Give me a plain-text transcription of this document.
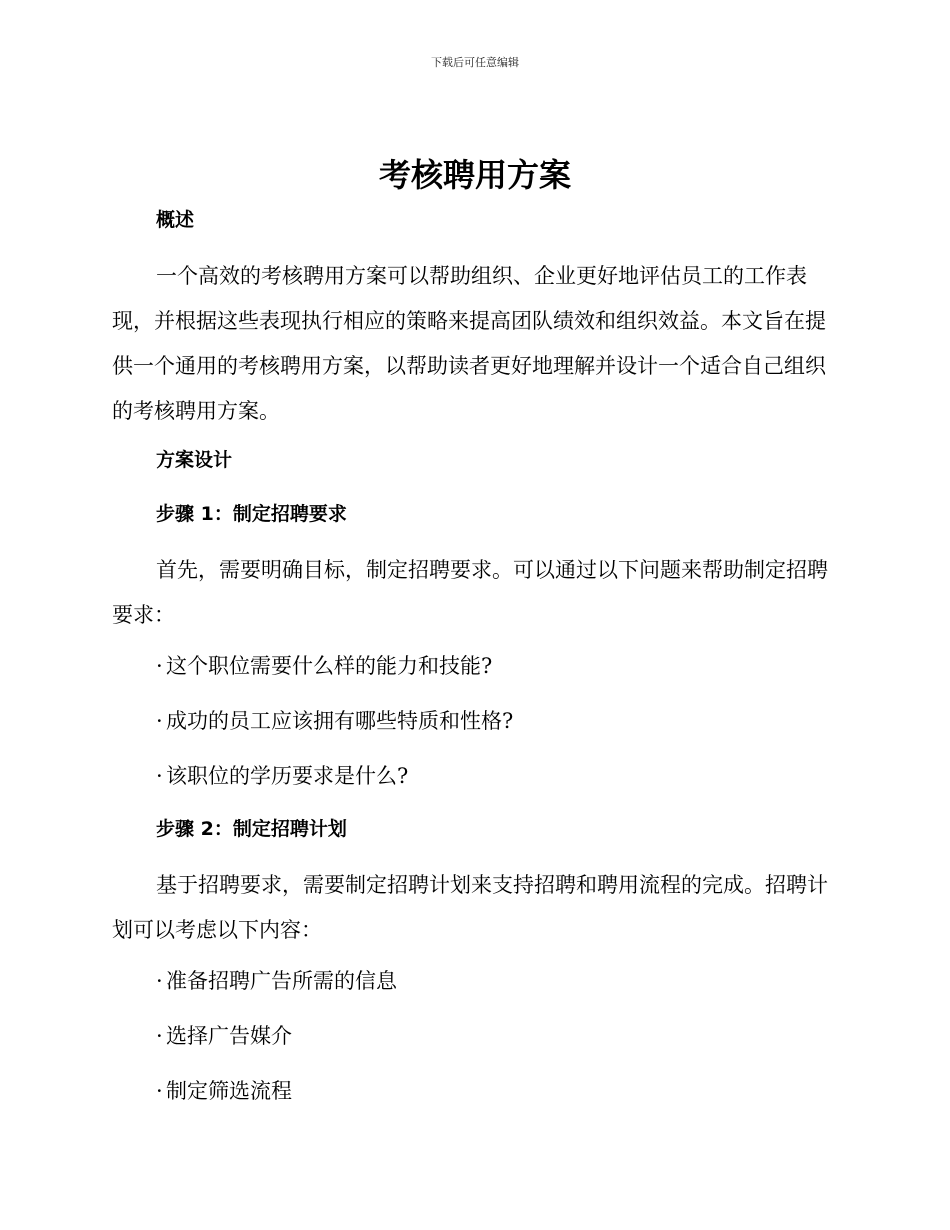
下载后可任意编辑
考核聘用方案
概述

一个高效的考核聘用方案可以帮助组织、企业更好地评估员工的工作表现，并根据这些表现执行相应的策略来提高团队绩效和组织效益。本文旨在提供一个通用的考核聘用方案，以帮助读者更好地理解并设计一个适合自己组织的考核聘用方案。

方案设计
步骤 1：制定招聘要求

首先，需要明确目标，制定招聘要求。可以通过以下问题来帮助制定招聘要求：

· 这个职位需要什么样的能力和技能?
· 成功的员工应该拥有哪些特质和性格?
· 该职位的学历要求是什么?
步骤 2：制定招聘计划

基于招聘要求，需要制定招聘计划来支持招聘和聘用流程的完成。招聘计划可以考虑以下内容：

· 准备招聘广告所需的信息
· 选择广告媒介
· 制定筛选流程
